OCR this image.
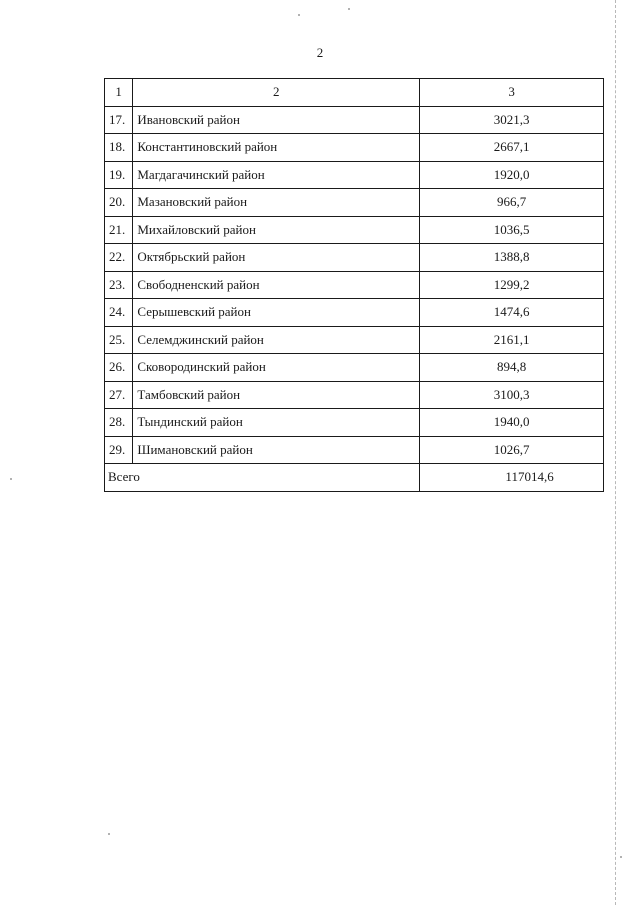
2
1	2	3
17.	Ивановский район	3021,3
18.	Константиновский район	2667,1
19.	Магдагачинский район	1920,0
20.	Мазановский район	966,7
21.	Михайловский район	1036,5
22.	Октябрьский район	1388,8
23.	Свободненский район	1299,2
24.	Серышевский район	1474,6
25.	Селемджинский район	2161,1
26.	Сковородинский район	894,8
27.	Тамбовский район	3100,3
28.	Тындинский район	1940,0
29.	Шимановский район	1026,7
Всего		117014,6
